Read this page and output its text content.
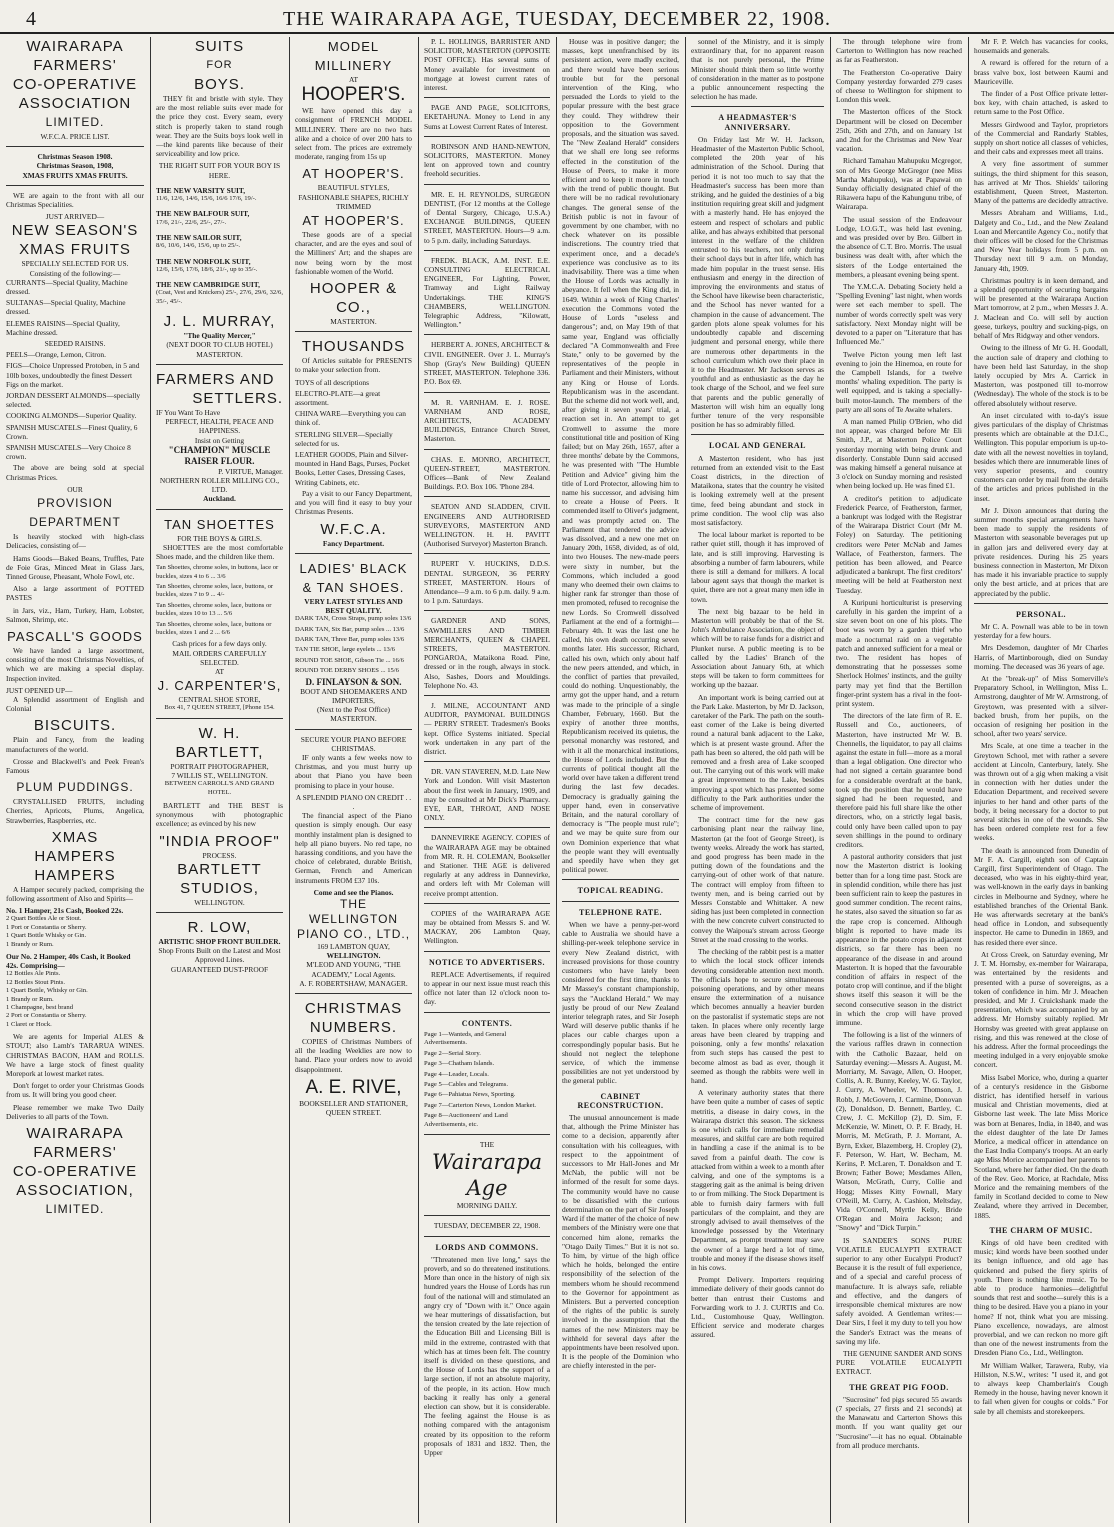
4	THE WAIRARAPA AGE, TUESDAY, DECEMBER 22, 1908.
WAIRARAPA
FARMERS'
CO-OPERATIVE
ASSOCIATION
LIMITED.
W.F.C.A. PRICE LIST.
Christmas Season 1908.
Christmas Season, 1908,
XMAS FRUITS XMAS FRUITS.

WE are again to the front with all our Christmas Specialities.

JUST ARRIVED—
NEW SEASON'S
XMAS FRUITS
SPECIALLY SELECTED FOR US.
Consisting of the following:—
CURRANTS—Special Quality, Machine dressed.
SULTANAS—Special Quality, Machine dressed.
ELEMES RAISINS—Special Quality, Machine dressed.
SEEDED RAISINS.
PEELS—Orange, Lemon, Citron.
FIGS—Choice Unpressed Protoben, in 5 and 10lb boxes, undoubtedly the finest Dessert Figs on the market.
JORDAN DESSERT ALMONDS—specially selected.
COOKING ALMONDS—Superior Quality.
SPANISH MUSCATELS—Finest Quality, 6 Crown.
SPANISH MUSCATELS—Very Choice 8 crown.

The above are being sold at special Christmas Prices.

OUR
PROVISION DEPARTMENT

Is heavily stocked with high-class Delicacies, consisting of—

Hams Goods—Baked Beans, Truffles, Pate de Foie Gras, Minced Meat in Glass Jars, Tinned Grouse, Pheasant, Whole Fowl, etc.

Also a large assortment of POTTED PASTES

in Jars, viz., Ham, Turkey, Ham, Lobster, Salmon, Shrimp, etc.

PASCALL'S GOODS

We have landed a large assortment, consisting of the most Christmas Novelties, of which we are making a special display. Inspection invited.

JUST OPENED UP—

A Splendid assortment of English and Colonial

BISCUITS.

Plain and Fancy, from the leading manufacturers of the world.

Crosse and Blackwell's and Peek Frean's Famous

PLUM PUDDINGS.

CRYSTALLISED FRUITS, including Cherries, Apricots, Plums, Angelica, Strawberries, Raspberries, etc.

XMAS
HAMPERS HAMPERS

A Hamper securely packed, comprising the following assortment of Also and Spirits—

No. 1 Hamper, 21s Cash, Booked 22s.
2 Quart Bottles Ale or Stout.
1 Port or Constantia or Sherry.
1 Quart Bottle Whisky or Gin.
1 Brandy or Rum.
Our No. 2 Hamper, 40s Cash, it Booked 42s. Comprising—
12 Bottles Ale Pints.
12 Bottles Stout Pints.
1 Quart Bottle, Whisky or Gin.
1 Brandy or Rum.
1 Champagne, best brand
2 Port or Constantia or Sherry.
1 Claret or Hock.

We are agents for Imperial ALES & STOUT; also Lamb's TARARUA WINES. CHRISTMAS BACON, HAM and ROLLS. We have a large stock of finest quality Morepork at lowest market rates.

Don't forget to order your Christmas Goods from us. It will bring you good cheer.

Please remember we make Two Daily Deliveries to all parts of the Town.

WAIRARAPA
FARMERS'
CO-OPERATIVE
ASSOCIATION,
LIMITED.
SUITS
FOR
BOYS.

THEY fit and bristle with style. They are the most reliable suits ever made for the price they cost. Every seam, every stitch is properly taken to stand rough wear. They are the Suits boys look well in—the kind parents like because of their serviceability and low price.

THE RIGHT SUIT FOR YOUR BOY IS HERE.
THE NEW VARSITY SUIT,
11/6, 12/6, 14/6, 15/6, 16/6 17/6, 19/-.
THE NEW BALFOUR SUIT,
17/6, 21/-, 22/6, 25/-, 27/-.
THE NEW SAILOR SUIT,
8/6, 10/6, 14/6, 15/6, up to 25/-.
THE NEW NORFOLK SUIT,
12/6, 15/6, 17/6, 18/6, 21/-, up to 35/-.
THE NEW CAMBRIDGE SUIT,
(Coat, Vest and Knickers) 25/-, 27/6, 29/6, 32/6, 35/-, 45/-.
J. L. MURRAY,
"The Quality Mercer,"
(NEXT DOOR TO CLUB HOTEL)
MASTERTON.
FARMERS AND
SETTLERS.
IF You Want To Have
PERFECT, HEALTH, PEACE AND HAPPINESS.
Insist on Getting
"CHAMPION" MUSCLE RAISER FLOUR.
P. VIRTUE, Manager.
NORTHERN ROLLER MILLING CO., LTD.
Auckland.
TAN SHOETTES
FOR THE BOYS & GIRLS.

SHOETTES are the most comfortable Shoes made, and the children like them.

Tan Shoettes, chrome soles, in buttons, lace or buckles, sizes 4 to 6 ... 3/6
Tan Shoettes, chrome soles, lace, buttons, or buckles, sizes 7 to 9 ... 4/-
Tan Shoettes, chrome soles, lace, buttons or buckles, sizes 10 to 13 ... 5/6
Tan Shoettes, chrome soles, lace, buttons or buckles, sizes 1 and 2 ... 6/6
Cash prices for a few days only.
MAIL ORDERS CAREFULLY SELECTED.
AT
J. CARPENTER'S,
CENTRAL SHOE STORE,
Box 41, 7 QUEEN STREET, [Phone 154.
W. H. BARTLETT,
PORTRAIT PHOTOGRAPHER,
7 WILLIS ST., WELLINGTON.
BETWEEN CARROLL'S AND GRAND HOTEL.

BARTLETT and THE BEST is synonymous with photographic excellence; as evinced by his new

"INDIA PROOF"
PROCESS.
BARTLETT
STUDIOS,
WELLINGTON.
R. LOW,
ARTISTIC SHOP FRONT BUILDER.
Shop Fronts Built on the Latest and Most Approved Lines.
GUARANTEED DUST-PROOF
MODEL MILLINERY
AT
HOOPER'S.

WE have opened this day a consignment of FRENCH MODEL MILLINERY. There are no two hats alike and a choice of over 200 hats to select from. The prices are extremely moderate, ranging from 15s up

AT HOOPER'S.
BEAUTIFUL STYLES, FASHIONABLE SHAPES, RICHLY TRIMMED
AT HOOPER'S.

These goods are of a special character, and are the eyes and soul of the Milliners' Art; and the shapes are now being worn by the most fashionable women of the World.

HOOPER & CO.,
MASTERTON.
THOUSANDS

Of Articles suitable for PRESENTS to make your selection from.

TOYS of all descriptions
ELECTRO-PLATE—a great assortment.
CHINA WARE—Everything you can think of.
STERLING SILVER—Specially selected for us.
LEATHER GOODS, Plain and Silver-mounted in Hand Bags, Purses, Pocket Books, Letter Cases, Dressing Cases, Writing Cabinets, etc.

Pay a visit to our Fancy Department, and you will find it easy to buy your Christmas Presents.

W.F.C.A.
Fancy Department.
LADIES' BLACK & TAN SHOES.
VERY LATEST STYLES AND BEST QUALITY.
DARK TAN, Cross Straps, pump soles 13/6
DARK TAN, Six Bar, pump soles ... 13/6
DARK TAN, Three Bar, pump soles 13/6
TAN TIE SHOE, large eyelets ... 13/6
ROUND TOE SHOE, Gibson Tie ... 16/6
ROUND TOE DERBY SHOES ... 15/6
D. FINLAYSON & SON.
BOOT AND SHOEMAKERS AND IMPORTERS,
(Next to the Post Office) MASTERTON.
SECURE YOUR PIANO BEFORE CHRISTMAS.

IF only wants a few weeks now to Christmas, and you must hurry up about that Piano you have been promising to place in your house.

A SPLENDID PIANO ON CREDIT . . .

The financial aspect of the Piano question is simply enough. Our easy monthly instalment plan is designed to help all piano buyers. No red tape, no harassing conditions, and you have the choice of celebrated, durable British, German, French and American instruments FROM £37 10s.

Come and see the Pianos.
THE WELLINGTON PIANO CO., LTD.,
169 LAMBTON QUAY,
WELLINGTON.
M'LEOD AND YOUNG, "THE ACADEMY," Local Agents.
A. F. ROBERTSHAW, MANAGER.
CHRISTMAS
NUMBERS.

COPIES of Christmas Numbers of all the leading Weeklies are now to hand. Place your orders now to avoid disappointment.

A. E. RIVE,
BOOKSELLER AND STATIONER,
QUEEN STREET.

P. L. HOLLINGS, BARRISTER AND SOLICITOR, MASTERTON (OPPOSITE POST OFFICE). Has several sums of Money available for investment on mortgage at lowest current rates of interest.

PAGE AND PAGE, SOLICITORS, EKETAHUNA. Money to Lend in any Sums at Lowest Current Rates of Interest.

ROBINSON AND HAND-NEWTON, SOLICITORS, MASTERTON. Money lent on approved town and country freehold securities.

MR. E. H. REYNOLDS, SURGEON DENTIST, (For 12 months at the College of Dental Surgery, Chicago, U.S.A.) EXCHANGE BUILDINGS, QUEEN STREET, MASTERTON. Hours—9 a.m. to 5 p.m. daily, including Saturdays.

FREDK. BLACK, A.M. INST. E.E. CONSULTING ELECTRICAL ENGINEER, For Lighting, Power, Tramway and Light Railway Undertakings. THE KING'S CHAMBERS, WELLINGTON. Telegraphic Address, "Kilowatt, Wellington."

HERBERT A. JONES, ARCHITECT & CIVIL ENGINEER. Over J. L. Murray's Shop (Gray's New Building) QUEEN STREET, MASTERTON. Telephone 336. P.O. Box 69.

M. R. VARNHAM. E. J. ROSE. VARNHAM AND ROSE, ARCHITECTS, ACADEMY BUILDINGS, Entrance Church Street, Masterton.

CHAS. E. MONRO, ARCHITECT, QUEEN-STREET, MASTERTON. Offices—Bank of New Zealand Buildings. P.O. Box 106. 'Phone 284.

SEATON AND SLADDEN, CIVIL ENGINEERS AND AUTHORISED SURVEYORS, MASTERTON AND WELLINGTON. H. H. PAVITT (Authorised Surveyor) Masterton Branch.

RUPERT V. HUCKINS, D.D.S. DENTAL SURGEON, 36 PERRY STREET, MASTERTON. Hours of Attendance—9 a.m. to 6 p.m. daily. 9 a.m. to 1 p.m. Saturdays.

GARDNER AND SONS, SAWMILLERS AND TIMBER MERCHANTS, QUEEN & CHAPEL STREETS, MASTERTON. PONGAROA, Mataikona Road. Pine, dressed or in the rough, always in stock. Also, Sashes, Doors and Mouldings. Telephone No. 43.

J. MILNE, ACCOUNTANT AND AUDITOR, PAYMONAL BUILDINGS — PERRY STREET. Tradesmen's Books kept. Office Systems initiated. Special work undertaken in any part of the district.

DR. VAN STAVEREN, M.D. Late New York and London. Will visit Masterton about the first week in January, 1909, and may be consulted at Mr Dick's Pharmacy. EYE, EAR, THROAT, AND NOSE ONLY.

DANNEVIRKE AGENCY. COPIES of the WAIRARAPA AGE may be obtained from MR. R. H. COLEMAN, Bookseller and Stationer. THE AGE is delivered regularly at any address in Dannevirke, and orders left with Mr Coleman will receive prompt attention.

COPIES of the WAIRARAPA AGE may be obtained from Messrs S. and W. MACKAY, 206 Lambton Quay, Wellington.

NOTICE TO ADVERTISERS.

REPLACE Advertisements, if required to appear in our next issue must reach this office not later than 12 o'clock noon to-day.

CONTENTS.
Page 1—Wanteds, and General Advertisements.
Page 2—Serial Story.
Page 3—Chatham Islands.
Page 4—Leader, Locals.
Page 5—Cables and Telegrams.
Page 6—Pahiatua News, Sporting.
Page 7—Carterton News, London Market.
Page 8—Auctioneers' and Land Advertisements, etc.
THE
Wairarapa Age
MORNING DAILY.
TUESDAY, DECEMBER 22, 1908.
LORDS AND COMMONS.

"Threatened men live long," says the proverb, and so do threatened institutions. More than once in the history of nigh six hundred years the House of Lords has run foul of the national will and stimulated an angry cry of "Down with it." Once again we hear mutterings of dissatisfaction, but the tension created by the late rejection of the Education Bill and Licensing Bill is mild in the extreme, contrasted with that which has at times been felt. The country itself is divided on these questions, and the House of Lords has the support of a large section, if not an absolute majority, of the people, in its action. How much backing it really has only a general election can show, but it is considerable. The feeling against the House is as nothing compared with the antagonism created by its opposition to the reform proposals of 1831 and 1832. Then, the Upper

House was in positive danger; the masses, kept unenfranchised by its persistent action, were madly excited, and there would have been serious trouble but for the personal intervention of the King, who persuaded the Lords to yield to the popular pressure with the best grace they could. They withdrew their opposition to the Government proposals, and the situation was saved. The "New Zealand Herald" considers that we shall ere long see reforms effected in the constitution of the House of Peers, to make it more efficient and to keep it more in touch with the trend of public thought. But there will be no radical revolutionary changes. The general sense of the British public is not in favour of government by one chamber, with no check whatever on its possible indiscretions. The country tried that experiment once, and a decade's experience was conclusive as to its inadvisability. There was a time when the House of Lords was actually in abeyance. It fell when the King did, in 1649. Within a week of King Charles' execution the Commons voted the House of Lords "useless and dangerous"; and, on May 19th of that same year, England was officially declared "A Commonwealth and Free State," only to be governed by the representatives of the people in Parliament and their Ministers, without any King or House of Lords. Republicanism was in the ascendant. But the scheme did not work well, and, after giving it seven years' trial, a reaction set in. An attempt to get Cromwell to assume the more constitutional title and position of King failed; but on May 26th, 1657, after a three months' debate by the Commons, he was presented with "The Humble Petition and Advice" giving him the title of Lord Protector, allowing him to name his successor, and advising him to create a House of Peers. It commended itself to Oliver's judgment, and was promptly acted on. The Parliament that tendered the advice was dissolved, and a new one met on January 20th, 1658, divided, as of old, into two Houses. The new-made peers were sixty in number, but the Commons, which included a good many who deemed their own claims to higher rank far stronger than those of men promoted, refused to recognise the new Lords. So Cromwell dissolved Parliament at the end of a fortnight—February 4th. It was the last one he called, his own death occurring seven months later. His successor, Richard, called his own, which only about half the new peers attended, and which, in the conflict of parties that prevailed, could do nothing. Unquestionably, the army got the upper hand, and a return was made to the principle of a single Chamber, February, 1660. But the expiry of another three months, Republicanism received its quietus, the personal monarchy was restored, and with it all the monarchical institutions, the House of Lords included. But the currents of political thought all the world over have taken a different trend during the last few decades. Democracy is gradually gaining the upper hand, even in conservative Britain, and the natural corollary of democracy is "The people must rule"; and we may be quite sure from our own Dominion experience that what the people want they will eventually and speedily have when they get political power.

TOPICAL READING.
TELEPHONE RATE.

When we have a penny-per-word cable to Australia we should have a shilling-per-week telephone service in every New Zealand district, with increased provisions for those country customers who have lately been considered for the first time, thanks to Mr Massey's constant championship, says the "Auckland Herald." We may justly be proud of our New Zealand interior telegraph rates, and Sir Joseph Ward will deserve public thanks if he places our cable charges upon a correspondingly popular basis. But he should not neglect the telephone service, of which the immense possibilities are not yet understood by the general public.

CABINET RECONSTRUCTION.

The unusual announcement is made that, although the Prime Minister has come to a decision, apparently after consultation with his colleagues, with respect to the appointment of successors to Mr Hall-Jones and Mr McNab, the public will not be informed of the result for some days. The community would have no cause to be dissatisfied with the curious determination on the part of Sir Joseph Ward if the matter of the choice of new members of the Ministry were one that concerned him alone, remarks the "Otago Daily Times." But it is not so. To him, by virtue of the high office which he holds, belonged the entire responsibility of the selection of the members whom he should recommend to the Governor for appointment as Ministers. But a perverted conception of the rights of the public is surely involved in the assumption that the names of the new Ministers may be withheld for several days after the appointments have been resolved upon. It is the people of the Dominion who are chiefly interested in the per-

sonnel of the Ministry, and it is simply extraordinary that, for no apparent reason that is not purely personal, the Prime Minister should think them so little worthy of consideration in the matter as to postpone a public announcement respecting the selection he has made.

A HEADMASTER'S ANNIVERSARY.

On Friday last Mr W. H. Jackson, Headmaster of the Masterton Public School, completed the 20th year of his administration of the School. During that period it is not too much to say that the Headmaster's success has been more than striking, and he guided the destinies of a big institution requiring great skill and judgment with a masterly hand. He has enjoyed the esteem and respect of scholars and public alike, and has always exhibited that personal interest in the welfare of the children entrusted to his teachers, not only during their school days but in after life, which has made him popular in the truest sense. His enthusiasm and energy in the direction of improving the environments and status of the School have likewise been characteristic, and the School has never wanted for a champion in the cause of advancement. The garden plots alone speak volumes for his undoubtedly capable and discerning judgment and personal energy, while there are numerous other departments in the school curriculum which owe their place in it to the Headmaster. Mr Jackson serves as youthful and as enthusiastic as the day he took charge of the School, and we feel sure that parents and the public generally of Masterton will wish him an equally long further tenure of the very responsible position he has so admirably filled.

LOCAL AND GENERAL

A Masterton resident, who has just returned from an extended visit to the East Coast districts, in the direction of Mataikona, states that the country he visited is looking extremely well at the present time, feed being abundant and stock in prime condition. The wool clip was also most satisfactory.

The local labour market is reported to be rather quiet still, though it has improved of late, and is still improving. Harvesting is absorbing a number of farm labourers, while there is still a demand for milkers. A local labour agent says that though the market is quiet, there are not a great many men idle in town.

The next big bazaar to be held in Masterton will probably be that of the St. John's Ambulance Association, the object of which will be to raise funds for a district and Plunket nurse. A public meeting is to be called by the Ladies' Branch of the Association about January 6th, at which steps will be taken to form committees for working up the bazaar.

An important work is being carried out at the Park Lake. Masterton, by Mr D. Jackson, caretaker of the Park. The path on the south-east corner of the Lake is being diverted round a natural bank adjacent to the Lake, which is at present waste ground. After the path has been so altered, the old path will be removed and a fresh area of Lake scooped out. The carrying out of this work will make a great improvement to the Lake, besides improving a spot which has presented some difficulty to the Park authorities under the scheme of improvement.

The contract time for the new gas carbonising plant near the railway line, Masterton (at the foot of George Street), is twenty weeks. Already the work has started, and good progress has been made in the putting down of the foundations and the carrying-out of other work of that nature. The contract will employ from fifteen to twenty men, and is being carried out by Messrs Constable and Whittaker. A new siding has just been completed in connection with the new concrete culvert constructed to convey the Waipoua's stream across George Street at the road crossing to the works.

The checking of the rabbit pest is a matter to which the local stock officer intends devoting considerable attention next month. The officials hope to secure simultaneous poisoning operations, and by other means ensure the extermination of a nuisance which becomes annually a heavier burden on the pastoralist if systematic steps are not taken. In places where only recently large areas have been cleared by trapping and poisoning, only a few months' relaxation from such steps has caused the pest to become almost as bad as ever, though it seemed as though the rabbits were well in hand.

A veterinary authority states that there have been quite a number of cases of septic metritis, a disease in dairy cows, in the Wairarapa district this season. The sickness is one which calls for immediate remedial measures, and skilful care are both required in handling a case if the animal is to be saved from a painful death. The cow is attacked from within a week to a month after calving, and one of the symptoms is a staggering gait as the animal is being driven to or from milking. The Stock Department is able to furnish dairy farmers with full particulars of the complaint, and they are strongly advised to avail themselves of the knowledge possessed by the Veterinary Department, as prompt treatment may save the owner of a large herd a lot of time, trouble and money if the disease shows itself in his cows.

Prompt Delivery. Importers requiring immediate delivery of their goods cannot do better than entrust their Customs and Forwarding work to J. J. CURTIS and Co. Ltd., Customhouse Quay, Wellington. Efficient service and moderate charges assured.

The through telephone wire from Carterton to Wellington has now reached as far as Featherston.

The Featherston Co-operative Dairy Company yesterday forwarded 279 cases of cheese to Wellington for shipment to London this week.

The Masterton offices of the Stock Department will be closed on December 25th, 26th and 27th, and on January 1st and 2nd for the Christmas and New Year vacation.

Richard Tamahau Mahupuku Mcgregor, son of Mrs George McGregor (nee Miss Martha Mahupuku), was at Papawai on Sunday officially designated chief of the Rikawera hapu of the Kahungunu tribe, of Wairarapa.

The usual session of the Endeavour Lodge, I.O.G.T., was held last evening, and was presided over by Bro. Gilbert in the absence of C.T. Bro. Morris. The usual business was dealt with, after which the sisters of the Lodge entertained the members, a pleasant evening being spent.

The Y.M.C.A. Debating Society held a "Spelling Evening" last night, when words were set each member to spell. The number of words correctly spelt was very satisfactory. Next Monday night will be devoted to a paper on "Literature that has Influenced Me."

Twelve Picton young men left last evening to join the Hinemoa, en route for the Campbell Islands, for a twelve months' whaling expedition. The party is well equipped, and is taking a specially-built motor-launch. The members of the party are all sons of Te Awaite whalers.

A man named Philip O'Brien, who did not appear, was charged before Mr Eli Smith, J.P., at Masterton Police Court yesterday morning with being drunk and disorderly. Constable Dunn said accused was making himself a general nuisance at 3 o'clock on Sunday morning and resisted when being locked up. He was fined £1.

A creditor's petition to adjudicate Frederick Pearce, of Featherston, farmer, a bankrupt was lodged with the Registrar of the Wairarapa District Court (Mr M. Foley) on Saturday. The petitioning creditors were Peter McNab and James Wallace, of Featherston, farmers. The petition has been allowed, and Pearce adjudicated a bankrupt. The first creditors' meeting will be held at Featherston next Tuesday.

A Kuripuni horticulturist is preserving carefully in his garden the imprint of a size seven boot on one of his plots. The boot was worn by a garden thief who made a nocturnal raid on a vegetable patch and annexed sufficient for a meal or two. The resident has hopes of demonstrating that he possesses some Sherlock Holmes' instincts, and the guilty party may yet find that the Bertillon finger-print system has a rival in the foot-print system.

The directors of the late firm of R. E. Russell and Co., auctioneers, of Masterton, have instructed Mr W. B. Chennells, the liquidator, to pay all claims against the estate in full—more as a moral than a legal obligation. One director who had not signed a certain guarantee bond for a considerable overdraft at the bank, took up the position that he would have signed had he been requested, and therefore paid his full share like the other directors, who, on a strictly legal basis, could only have been called upon to pay seven shillings in the pound to ordinary creditors.

A pastoral authority considers that just now the Masterton district is looking better than for a long time past. Stock are in splendid condition, while there has just been sufficient rain to keep the pastures in good summer condition. The recent rains, he states, also saved the situation so far as the rape crop is concerned. Although blight is reported to have made its appearance in the potato crops in adjacent districts, so far there has been no appearance of the disease in and around Masterton. It is hoped that the favourable condition of affairs in respect of the potato crop will continue, and if the blight shows itself this season it will be the second consecutive season in the district in which the crop will have proved immune.

The following is a list of the winners of the various raffles drawn in connection with the Catholic Bazaar, held on Saturday evening:—Messrs A. August, M. Morriarty, M. Savage, Allen, O. Hooper, Collis, A. R. Bunny, Keeley, W. G. Taylor, J. Curry, A. Wheeler, W. Thomson, J. Robb, J. McGovern, J. Carmine, Donovan (2), Donaldson, D. Bennett, Bartley, C. Crew, J. C. McKillop (2), D. Sim, F. McKenzie, W. Minett, O. P. F. Brady, H. Morris, M. McGrath, P. J. Morrant, A. Byrn, Exker, Blazemberg, H. Cropley (2), F. Peterson, W. Hart, W. Becham, M. Kerins, P. McLaren, T. Donaldson and T. Brown; Father Bowe; Mesdames Allen, Watson, McGrath, Curry, Collie and Hogg; Misses Kitty Fownall, Mary O'Neill, M. Curry, A. Cashion, Meltsday, Vida O'Connell, Myrtle Kelly, Bride O'Regan and Moira Jackson; and "Snowy" and "Dick Turpin."

IS SANDER'S SONS PURE VOLATILE EUCALYPTI EXTRACT superior to any other Eucalypti Product? Because it is the result of full experience, and of a special and careful process of manufacture. It is always safe, reliable and effective, and the dangers of irresponsible chemical mixtures are now safely avoided. A Gentleman writes:— Dear Sirs, I feel it my duty to tell you how the Sander's Extract was the means of saving my life.

THE GENUINE SANDER AND SONS PURE VOLATILE EUCALYPTI EXTRACT.

THE GREAT PIG FOOD.

"Sucrosine" fed pigs secured 55 awards (7 specials, 27 firsts and 21 seconds) at the Manawatu and Carterton Shows this month. If you want quality get our "Sucrosine"—it has no equal. Obtainable from all produce merchants.

Mr F. P. Welch has vacancies for cooks, housemaids and generals.

A reward is offered for the return of a brass valve box, lost between Kaumi and Mauriceville.

The finder of a Post Office private letter-box key, with chain attached, is asked to return same to the Post Office.

Messrs Girdwood and Taylor, proprietors of the Commercial and Randarly Stables, supply on short notice all classes of vehicles, and their cabs and expresses meet all trains.

A very fine assortment of summer suitings, the third shipment for this season, has arrived at Mr Thos. Shields' tailoring establishment, Queen Street, Masterton. Many of the patterns are decidedly attractive.

Messrs Abraham and Williams, Ltd., Dalgety and Co., Ltd., and the New Zealand Loan and Mercantile Agency Co., notify that their offices will be closed for the Christmas and New Year holidays from 5 p.m. on Thursday next till 9 a.m. on Monday, January 4th, 1909.

Christmas poultry is in keen demand, and a splendid opportunity of securing bargains will be presented at the Wairarapa Auction Mart tomorrow, at 2 p.m., when Messrs J. A. J. Maclean and Co. will sell by auction geese, turkeys, poultry and sucking-pigs, on behalf of Mrs Ridgway and other vendors.

Owing to the illness of Mr G. H. Goodall, the auction sale of drapery and clothing to have been held last Saturday, in the shop lately occupied by Mrs A. Carrick in Masterton, was postponed till to-morrow (Wednesday). The whole of the stock is to be offered absolutely without reserve.

An inset circulated with to-day's issue gives particulars of the display of Christmas presents which are obtainable at the D.I.C., Wellington. This popular emporium is up-to-date with all the newest novelties in toyland, besides which there are innumerable lines of very superior presents, and country customers can order by mail from the details of the articles and prices published in the inset.

Mr J. Dixon announces that during the summer months special arrangements have been made to supply the residents of Masterton with seasonable beverages put up in gallon jars and delivered every day at private residences. During his 25 years business connection in Masterton, Mr Dixon has made it his invariable practice to supply only the best article, and at prices that are appreciated by the public.

PERSONAL.

Mr C. A. Pownall was able to be in town yesterday for a few hours.

Mrs Desdemon, daughter of Mr Charles Harris, of Martinborough, died on Sunday morning. The deceased was 36 years of age.

At the "break-up" of Miss Somerville's Preparatory School, in Wellington, Miss L. Armstrong, daughter of Mr W. Armstrong, of Greytown, was presented with a silver-backed brush, from her pupils, on the occasion of resigning her position in the school, after two years' service.

Mrs Scale, at one time a teacher in the Greytown School, met with rather a severe accident at Lincoln, Canterbury, lately. She was thrown out of a gig when making a visit in connection with her duties under the Education Department, and received severe injuries to her hand and other parts of the body, it being necessary for a doctor to put several stitches in one of the wounds. She has been ordered complete rest for a few weeks.

The death is announced from Dunedin of Mr F. A. Cargill, eighth son of Captain Cargill, first Superintendent of Otago. The deceased, who was in his eighty-third year, was well-known in the early days in banking circles in Melbourne and Sydney, where he established branches of the Oriental Bank. He was afterwards secretary at the bank's head office in London, and subsequently inspector. He came to Dunedin in 1869, and has resided there ever since.

At Cross Creek, on Saturday evening, Mr J. T. M. Hornsby, ex-member for Wairarapa, was entertained by the residents and presented with a purse of sovereigns, as a token of confidence in him. Mr J. Meachen presided, and Mr J. Cruickshank made the presentation, which was accompanied by an address. Mr Hornsby suitably replied. Mr Hornsby was greeted with great applause on rising, and this was renewed at the close of his address. After the formal proceedings the meeting indulged in a very enjoyable smoke concert.

Miss Isabel Morice, who, during a quarter of a century's residence in the Gisborne district, has identified herself in various musical and Christian movements, died at Gisborne last week. The late Miss Morice was born at Benares, India, in 1840, and was the eldest daughter of the late Dr James Morice, a medical officer in attendance on the East India Company's troops. At an early age Miss Morice accompanied her parents to Scotland, where her father died. On the death of the Rev. Geo. Morice, at Rachdale, Miss Morice and the remaining members of the family in Scotland decided to come to New Zealand, where they arrived in December, 1885.

THE CHARM OF MUSIC.

Kings of old have been credited with music; kind words have been soothed under its benign influence, and old age has quickened and pulsed the fiery spirits of youth. There is nothing like music. To be able to produce harmonies—delightful sounds that rest and soothe—surely this is a thing to be desired. Have you a piano in your home? If not, think what you are missing. Piano excellence, nowadays, are almost proverbial, and we can reckon no more gift than one of the newest instruments from the Dresden Piano Co., Ltd., Wellington.

Mr William Walker, Tarawera, Ruby, via Hillston, N.S.W., writes: "I used it, and got to always keep Chamberlain's Cough Remedy in the house, having never known it to fail when given for coughs or colds." For sale by all chemists and storekeepers.
